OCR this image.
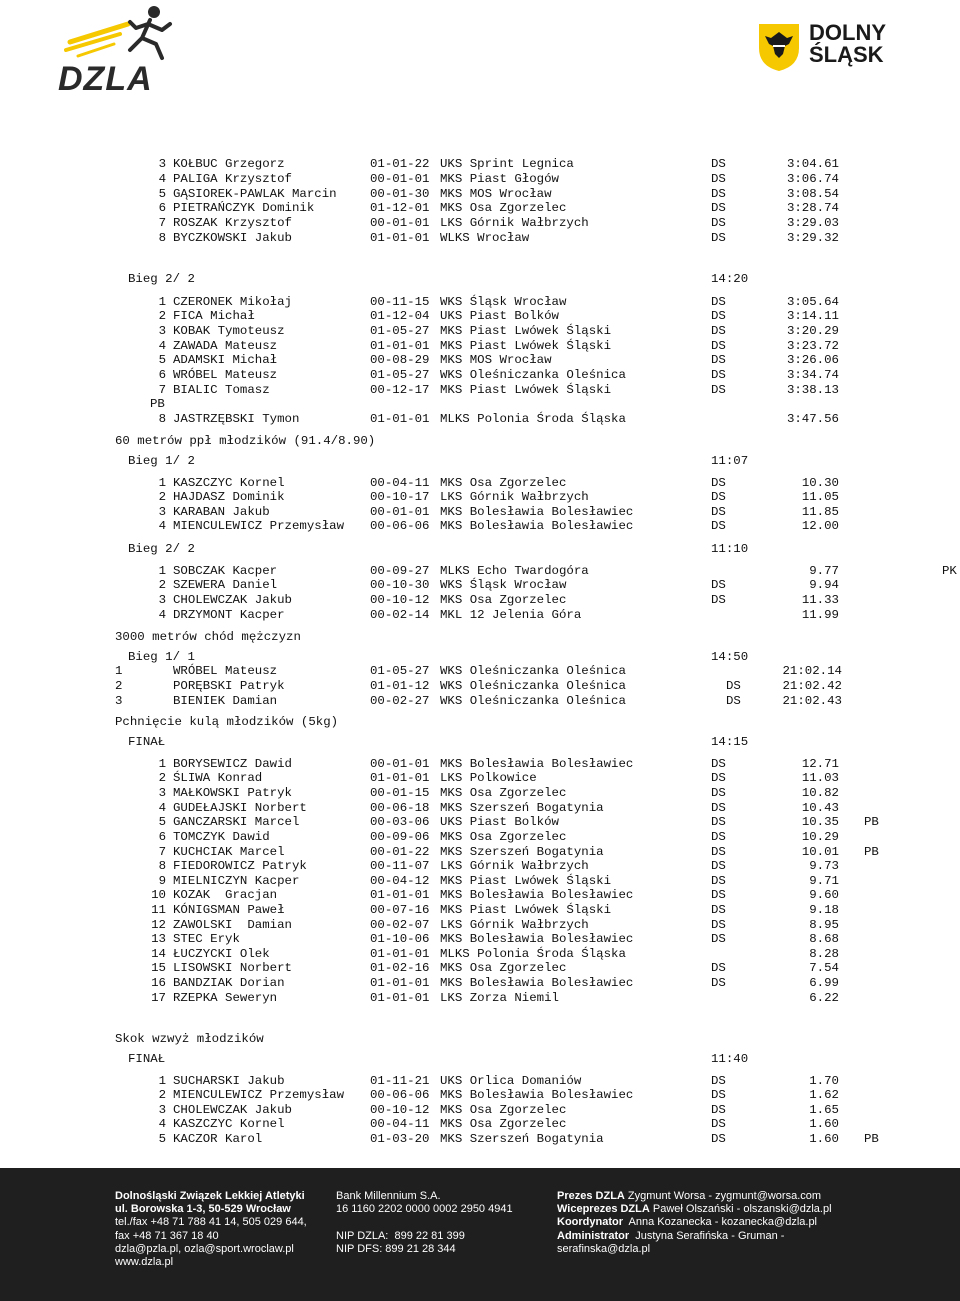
DZLA
DOLNY
ŚLĄSK
3 KOŁBUC Grzegorz	01-01-22 UKS Sprint Legnica	DS	3:04.61
4 PALIGA Krzysztof	00-01-01 MKS Piast Głogów	DS	3:06.74
5 GĄSIOREK-PAWLAK Marcin	00-01-30 MKS MOS Wrocław	DS	3:08.54
6 PIETRAŃCZYK Dominik	01-12-01 MKS Osa Zgorzelec	DS	3:28.74
7 ROSZAK Krzysztof	00-01-01 LKS Górnik Wałbrzych	DS	3:29.03
8 BYCZKOWSKI Jakub	01-01-01 WLKS Wrocław	DS	3:29.32
Bieg 2/ 2	14:20
1 CZERONEK Mikołaj	00-11-15 WKS Śląsk Wrocław	DS	3:05.64
2 FICA Michał	01-12-04 UKS Piast Bolków	DS	3:14.11
3 KOBAK Tymoteusz	01-05-27 MKS Piast Lwówek Śląski	DS	3:20.29
4 ZAWADA Mateusz	01-01-01 MKS Piast Lwówek Śląski	DS	3:23.72
5 ADAMSKI Michał	00-08-29 MKS MOS Wrocław	DS	3:26.06
6 WRÓBEL Mateusz	01-05-27 WKS Oleśniczanka Oleśnica	DS	3:34.74
7 BIALIC Tomasz	00-12-17 MKS Piast Lwówek Śląski	DS	3:38.13
PB
8 JASTRZĘBSKI Tymon	01-01-01 MLKS Polonia Środa Śląska	3:47.56
60 metrów ppł młodzików (91.4/8.90)
Bieg 1/ 2	11:07
1 KASZCZYC Kornel	00-04-11 MKS Osa Zgorzelec	DS	10.30
2 HAJDASZ Dominik	00-10-17 LKS Górnik Wałbrzych	DS	11.05
3 KARABAN Jakub	00-01-01 MKS Bolesławia Bolesławiec	DS	11.85
4 MIENCULEWICZ Przemysław 00-06-06 MKS Bolesławia Bolesławiec	DS	12.00
Bieg 2/ 2	11:10
1 SOBCZAK Kacper	00-09-27 MLKS Echo Twardogóra	9.77	PK
2 SZEWERA Daniel	00-10-30 WKS Śląsk Wrocław	DS	9.94
3 CHOLEWCZAK Jakub	00-10-12 MKS Osa Zgorzelec	DS	11.33
4 DRZYMONT Kacper	00-02-14 MKL 12 Jelenia Góra	11.99
3000 metrów chód mężczyzn
Bieg 1/ 1	14:50
1	WRÓBEL Mateusz	01-05-27 WKS Oleśniczanka Oleśnica	21:02.14
2	PORĘBSKI Patryk	01-01-12 WKS Oleśniczanka Oleśnica	DS	21:02.42
3	BIENIEK Damian	00-02-27 WKS Oleśniczanka Oleśnica	DS	21:02.43
Pchnięcie kulą młodzików (5kg)
FINAŁ	14:15
1 BORYSEWICZ Dawid	00-01-01 MKS Bolesławia Bolesławiec	DS	12.71
2 ŚLIWA Konrad	01-01-01 LKS Polkowice	DS	11.03
3 MAŁKOWSKI Patryk	00-01-15 MKS Osa Zgorzelec	DS	10.82
4 GUDEŁAJSKI Norbert	00-06-18 MKS Szerszeń Bogatynia	DS	10.43
5 GANCZARSKI Marcel	00-03-06 UKS Piast Bolków	DS	10.35 PB
6 TOMCZYK Dawid	00-09-06 MKS Osa Zgorzelec	DS	10.29
7 KUCHCIAK Marcel	00-01-22 MKS Szerszeń Bogatynia	DS	10.01 PB
8 FIEDOROWICZ Patryk	00-11-07 LKS Górnik Wałbrzych	DS	9.73
9 MIELNICZYN Kacper	00-04-12 MKS Piast Lwówek Śląski	DS	9.71
10 KOZAK  Gracjan	01-01-01 MKS Bolesławia Bolesławiec	DS	9.60
11 KÓNIGSMAN Paweł	00-07-16 MKS Piast Lwówek Śląski	DS	9.18
12 ZAWOLSKI  Damian	00-02-07 LKS Górnik Wałbrzych	DS	8.95
13 STEC Eryk	01-10-06 MKS Bolesławia Bolesławiec	DS	8.68
14 ŁUCZYCKI Olek	01-01-01 MLKS Polonia Środa Śląska	8.28
15 LISOWSKI Norbert	01-02-16 MKS Osa Zgorzelec	DS	7.54
16 BANDZIAK Dorian	01-01-01 MKS Bolesławia Bolesławiec	DS	6.99
17 RZEPKA Seweryn	01-01-01 LKS Zorza Niemil	6.22
Skok wzwyż młodzików
FINAŁ	11:40
1 SUCHARSKI Jakub	01-11-21 UKS Orlica Domaniów	DS	1.70
2 MIENCULEWICZ Przemysław 00-06-06 MKS Bolesławia Bolesławiec	DS	1.62
3 CHOLEWCZAK Jakub	00-10-12 MKS Osa Zgorzelec	DS	1.65
4 KASZCZYC Kornel	00-04-11 MKS Osa Zgorzelec	DS	1.60
5 KACZOR Karol	01-03-20 MKS Szerszeń Bogatynia	DS	1.60 PB
Dolnośląski Związek Lekkiej Atletyki
ul. Borowska 1-3, 50-529 Wrocław
tel./fax +48 71 788 41 14, 505 029 644,
fax +48 71 367 18 40
dzla@pzla.pl, ozla@sport.wroclaw.pl
www.dzla.pl
Bank Millennium S.A.
16 1160 2202 0000 0002 2950 4941

NIP DZLA:  899 22 81 399
NIP DFS: 899 21 28 344
Prezes DZLA Zygmunt Worsa - zygmunt@worsa.com
Wiceprezes DZLA Paweł Olszański - olszanski@dzla.pl
Koordynator  Anna Kozanecka - kozanecka@dzla.pl
Administrator  Justyna Serafińska - Gruman -
serafinska@dzla.pl
